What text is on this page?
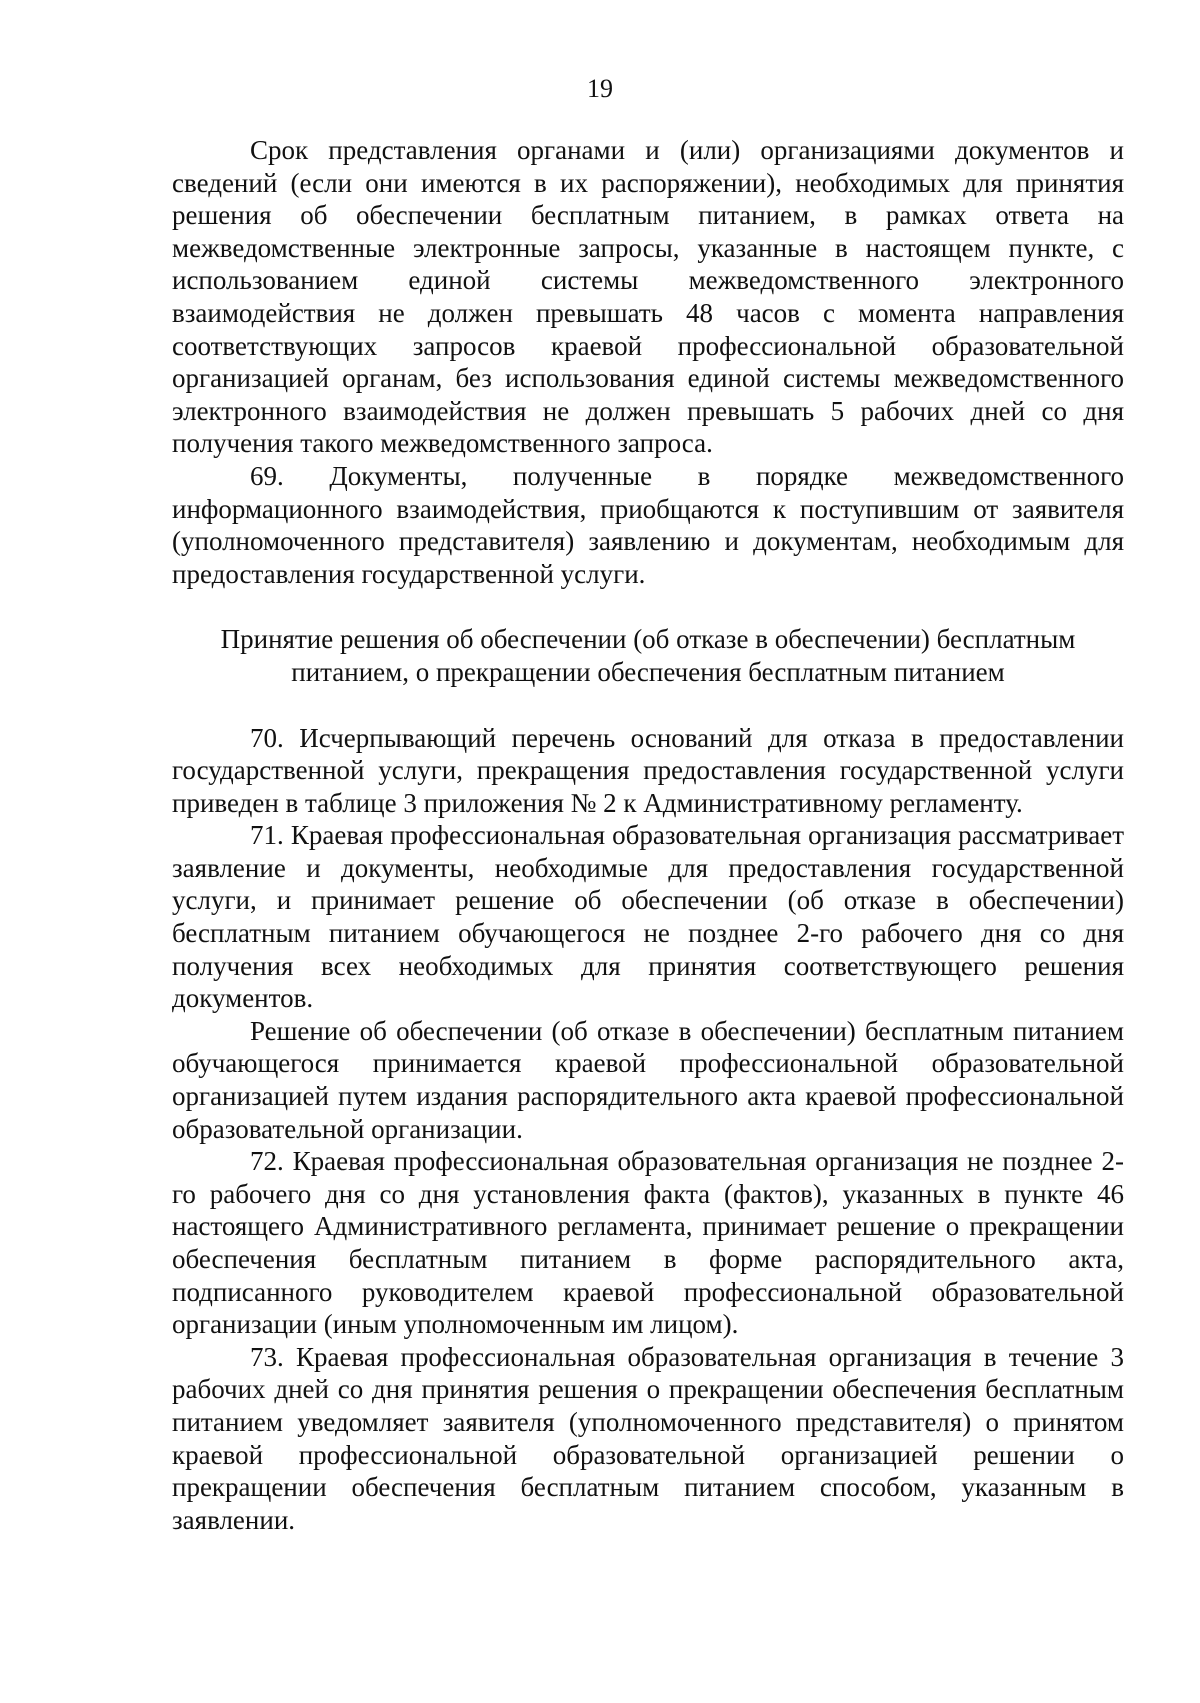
19

Срок представления органами и (или) организациями документов и сведений (если они имеются в их распоряжении), необходимых для принятия решения об обеспечении бесплатным питанием, в рамках ответа на межведомственные электронные запросы, указанные в настоящем пункте, с использованием единой системы межведомственного электронного взаимодействия не должен превышать 48 часов с момента направления соответствующих запросов краевой профессиональной образовательной организацией органам, без использования единой системы межведомственного электронного взаимодействия не должен превышать 5 рабочих дней со дня получения такого межведомственного запроса.

69. Документы, полученные в порядке межведомственного информационного взаимодействия, приобщаются к поступившим от заявителя (уполномоченного представителя) заявлению и документам, необходимым для предоставления государственной услуги.

Принятие решения об обеспечении (об отказе в обеспечении) бесплатным

питанием, о прекращении обеспечения бесплатным питанием

70. Исчерпывающий перечень оснований для отказа в предоставлении государственной услуги, прекращения предоставления государственной услуги приведен в таблице 3 приложения № 2 к Административному регламенту.

71. Краевая профессиональная образовательная организация рассматривает заявление и документы, необходимые для предоставления государственной услуги, и принимает решение об обеспечении (об отказе в обеспечении) бесплатным питанием обучающегося не позднее 2-го рабочего дня со дня получения всех необходимых для принятия соответствующего решения документов.

Решение об обеспечении (об отказе в обеспечении) бесплатным питанием обучающегося принимается краевой профессиональной образовательной организацией путем издания распорядительного акта краевой профессиональной образовательной организации.

72. Краевая профессиональная образовательная организация не позднее 2-го рабочего дня со дня установления факта (фактов), указанных в пункте 46 настоящего Административного регламента, принимает решение о прекращении обеспечения бесплатным питанием в форме распорядительного акта, подписанного руководителем краевой профессиональной образовательной организации (иным уполномоченным им лицом).

73. Краевая профессиональная образовательная организация в течение 3 рабочих дней со дня принятия решения о прекращении обеспечения бесплатным питанием уведомляет заявителя (уполномоченного представителя) о принятом краевой профессиональной образовательной организацией решении о прекращении обеспечения бесплатным питанием способом, указанным в заявлении.
